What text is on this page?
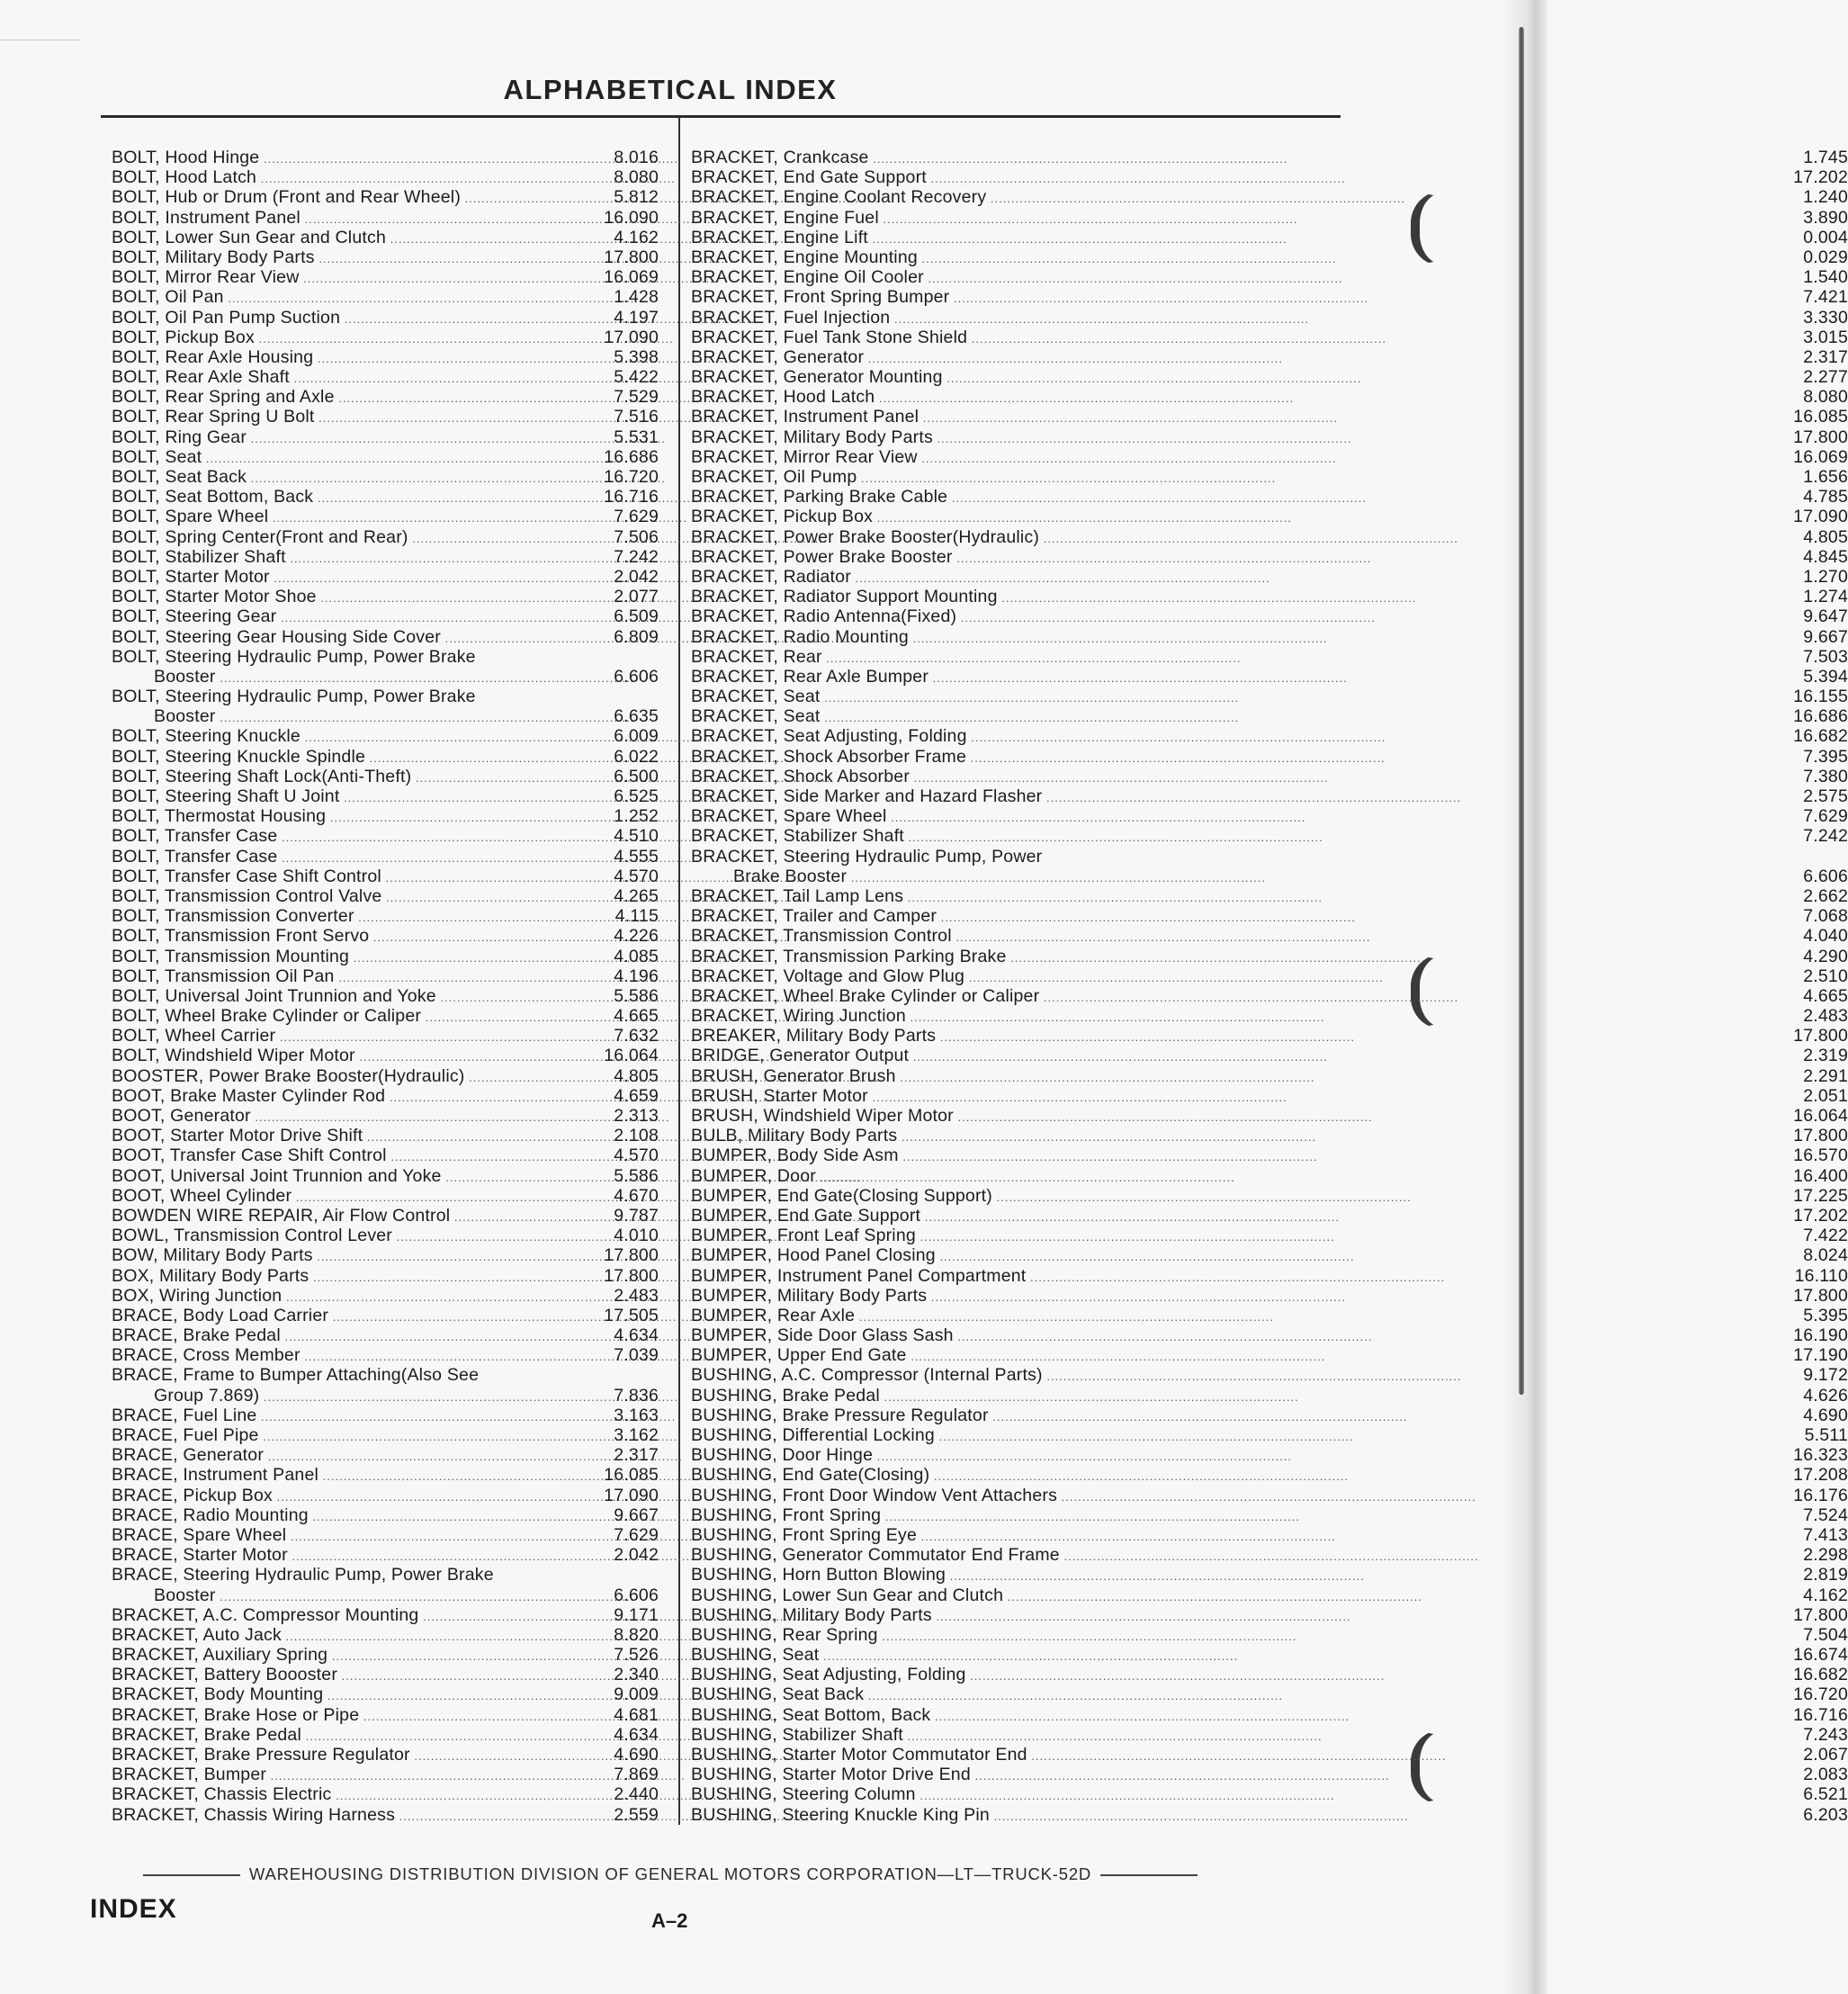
ALPHABETICAL INDEX
BOLT, Hood Hinge .....	8.016
BOLT, Hood Latch .....	8.080
BOLT, Hub or Drum (Front and Rear Wheel) .....	5.812
BOLT, Instrument Panel .....	16.090
BOLT, Lower Sun Gear and Clutch .....	4.162
BOLT, Military Body Parts .....	17.800
BOLT, Mirror Rear View .....	16.069
BOLT, Oil Pan .....	1.428
BOLT, Oil Pan Pump Suction .....	4.197
BOLT, Pickup Box .....	17.090
BOLT, Rear Axle Housing .....	5.398
BOLT, Rear Axle Shaft .....	5.422
BOLT, Rear Spring and Axle .....	7.529
BOLT, Rear Spring U Bolt .....	7.516
BOLT, Ring Gear .....	5.531
BOLT, Seat .....	16.686
BOLT, Seat Back .....	16.720
BOLT, Seat Bottom, Back .....	16.716
BOLT, Spare Wheel .....	7.629
BOLT, Spring Center(Front and Rear) .....	7.506
BOLT, Stabilizer Shaft .....	7.242
BOLT, Starter Motor .....	2.042
BOLT, Starter Motor Shoe .....	2.077
BOLT, Steering Gear .....	6.509
BOLT, Steering Gear Housing Side Cover .....	6.809
BOLT, Steering Hydraulic Pump, Power Brake
Booster .....	6.606
BOLT, Steering Hydraulic Pump, Power Brake
Booster .....	6.635
BOLT, Steering Knuckle .....	6.009
BOLT, Steering Knuckle Spindle .....	6.022
BOLT, Steering Shaft Lock(Anti-Theft) .....	6.500
BOLT, Steering Shaft U Joint .....	6.525
BOLT, Thermostat Housing .....	1.252
BOLT, Transfer Case .....	4.510
BOLT, Transfer Case .....	4.555
BOLT, Transfer Case Shift Control .....	4.570
BOLT, Transmission Control Valve .....	4.265
BOLT, Transmission Converter .....	4.115
BOLT, Transmission Front Servo .....	4.226
BOLT, Transmission Mounting .....	4.085
BOLT, Transmission Oil Pan .....	4.196
BOLT, Universal Joint Trunnion and Yoke .....	5.586
BOLT, Wheel Brake Cylinder or Caliper .....	4.665
BOLT, Wheel Carrier .....	7.632
BOLT, Windshield Wiper Motor .....	16.064
BOOSTER, Power Brake Booster(Hydraulic) .....	4.805
BOOT, Brake Master Cylinder Rod .....	4.659
BOOT, Generator .....	2.313
BOOT, Starter Motor Drive Shift .....	2.108
BOOT, Transfer Case Shift Control .....	4.570
BOOT, Universal Joint Trunnion and Yoke .....	5.586
BOOT, Wheel Cylinder .....	4.670
BOWDEN WIRE REPAIR, Air Flow Control .....	9.787
BOWL, Transmission Control Lever .....	4.010
BOW, Military Body Parts .....	17.800
BOX, Military Body Parts .....	17.800
BOX, Wiring Junction .....	2.483
BRACE, Body Load Carrier .....	17.505
BRACE, Brake Pedal .....	4.634
BRACE, Cross Member .....	7.039
BRACE, Frame to Bumper Attaching(Also See
Group 7.869) .....	7.836
BRACE, Fuel Line .....	3.163
BRACE, Fuel Pipe .....	3.162
BRACE, Generator .....	2.317
BRACE, Instrument Panel .....	16.085
BRACE, Pickup Box .....	17.090
BRACE, Radio Mounting .....	9.667
BRACE, Spare Wheel .....	7.629
BRACE, Starter Motor .....	2.042
BRACE, Steering Hydraulic Pump, Power Brake
Booster .....	6.606
BRACKET, A.C. Compressor Mounting .....	9.171
BRACKET, Auto Jack .....	8.820
BRACKET, Auxiliary Spring .....	7.526
BRACKET, Battery Boooster .....	2.340
BRACKET, Body Mounting .....	9.009
BRACKET, Brake Hose or Pipe .....	4.681
BRACKET, Brake Pedal .....	4.634
BRACKET, Brake Pressure Regulator .....	4.690
BRACKET, Bumper .....	7.869
BRACKET, Chassis Electric .....	2.440
BRACKET, Chassis Wiring Harness .....	2.559
BRACKET, Crankcase .....	1.745
BRACKET, End Gate Support .....	17.202
BRACKET, Engine Coolant Recovery .....	1.240
BRACKET, Engine Fuel .....	3.890
BRACKET, Engine Lift .....	0.004
BRACKET, Engine Mounting .....	0.029
BRACKET, Engine Oil Cooler .....	1.540
BRACKET, Front Spring Bumper .....	7.421
BRACKET, Fuel Injection .....	3.330
BRACKET, Fuel Tank Stone Shield .....	3.015
BRACKET, Generator .....	2.317
BRACKET, Generator Mounting .....	2.277
BRACKET, Hood Latch .....	8.080
BRACKET, Instrument Panel .....	16.085
BRACKET, Military Body Parts .....	17.800
BRACKET, Mirror Rear View .....	16.069
BRACKET, Oil Pump .....	1.656
BRACKET, Parking Brake Cable .....	4.785
BRACKET, Pickup Box .....	17.090
BRACKET, Power Brake Booster(Hydraulic) .....	4.805
BRACKET, Power Brake Booster .....	4.845
BRACKET, Radiator .....	1.270
BRACKET, Radiator Support Mounting .....	1.274
BRACKET, Radio Antenna(Fixed) .....	9.647
BRACKET, Radio Mounting .....	9.667
BRACKET, Rear .....	7.503
BRACKET, Rear Axle Bumper .....	5.394
BRACKET, Seat .....	16.155
BRACKET, Seat .....	16.686
BRACKET, Seat Adjusting, Folding .....	16.682
BRACKET, Shock Absorber Frame .....	7.395
BRACKET, Shock Absorber .....	7.380
BRACKET, Side Marker and Hazard Flasher .....	2.575
BRACKET, Spare Wheel .....	7.629
BRACKET, Stabilizer Shaft .....	7.242
BRACKET, Steering Hydraulic Pump, Power
Brake Booster .....	6.606
BRACKET, Tail Lamp Lens .....	2.662
BRACKET, Trailer and Camper .....	7.068
BRACKET, Transmission Control .....	4.040
BRACKET, Transmission Parking Brake .....	4.290
BRACKET, Voltage and Glow Plug .....	2.510
BRACKET, Wheel Brake Cylinder or Caliper .....	4.665
BRACKET, Wiring Junction .....	2.483
BREAKER, Military Body Parts .....	17.800
BRIDGE, Generator Output .....	2.319
BRUSH, Generator Brush .....	2.291
BRUSH, Starter Motor .....	2.051
BRUSH, Windshield Wiper Motor .....	16.064
BULB, Military Body Parts .....	17.800
BUMPER, Body Side Asm .....	16.570
BUMPER, Door .....	16.400
BUMPER, End Gate(Closing Support) .....	17.225
BUMPER, End Gate Support .....	17.202
BUMPER, Front Leaf Spring .....	7.422
BUMPER, Hood Panel Closing .....	8.024
BUMPER, Instrument Panel Compartment .....	16.110
BUMPER, Military Body Parts .....	17.800
BUMPER, Rear Axle .....	5.395
BUMPER, Side Door Glass Sash .....	16.190
BUMPER, Upper End Gate .....	17.190
BUSHING, A.C. Compressor (Internal Parts) .....	9.172
BUSHING, Brake Pedal .....	4.626
BUSHING, Brake Pressure Regulator .....	4.690
BUSHING, Differential Locking .....	5.511
BUSHING, Door Hinge .....	16.323
BUSHING, End Gate(Closing) .....	17.208
BUSHING, Front Door Window Vent Attachers .....	16.176
BUSHING, Front Spring .....	7.524
BUSHING, Front Spring Eye .....	7.413
BUSHING, Generator Commutator End Frame .....	2.298
BUSHING, Horn Button Blowing .....	2.819
BUSHING, Lower Sun Gear and Clutch .....	4.162
BUSHING, Military Body Parts .....	17.800
BUSHING, Rear Spring .....	7.504
BUSHING, Seat .....	16.674
BUSHING, Seat Adjusting, Folding .....	16.682
BUSHING, Seat Back .....	16.720
BUSHING, Seat Bottom, Back .....	16.716
BUSHING, Stabilizer Shaft .....	7.243
BUSHING, Starter Motor Commutator End .....	2.067
BUSHING, Starter Motor Drive End .....	2.083
BUSHING, Steering Column .....	6.521
BUSHING, Steering Knuckle King Pin .....	6.203
WAREHOUSING DISTRIBUTION DIVISION OF GENERAL MOTORS CORPORATION—LT—TRUCK-52D
INDEX	A–2
